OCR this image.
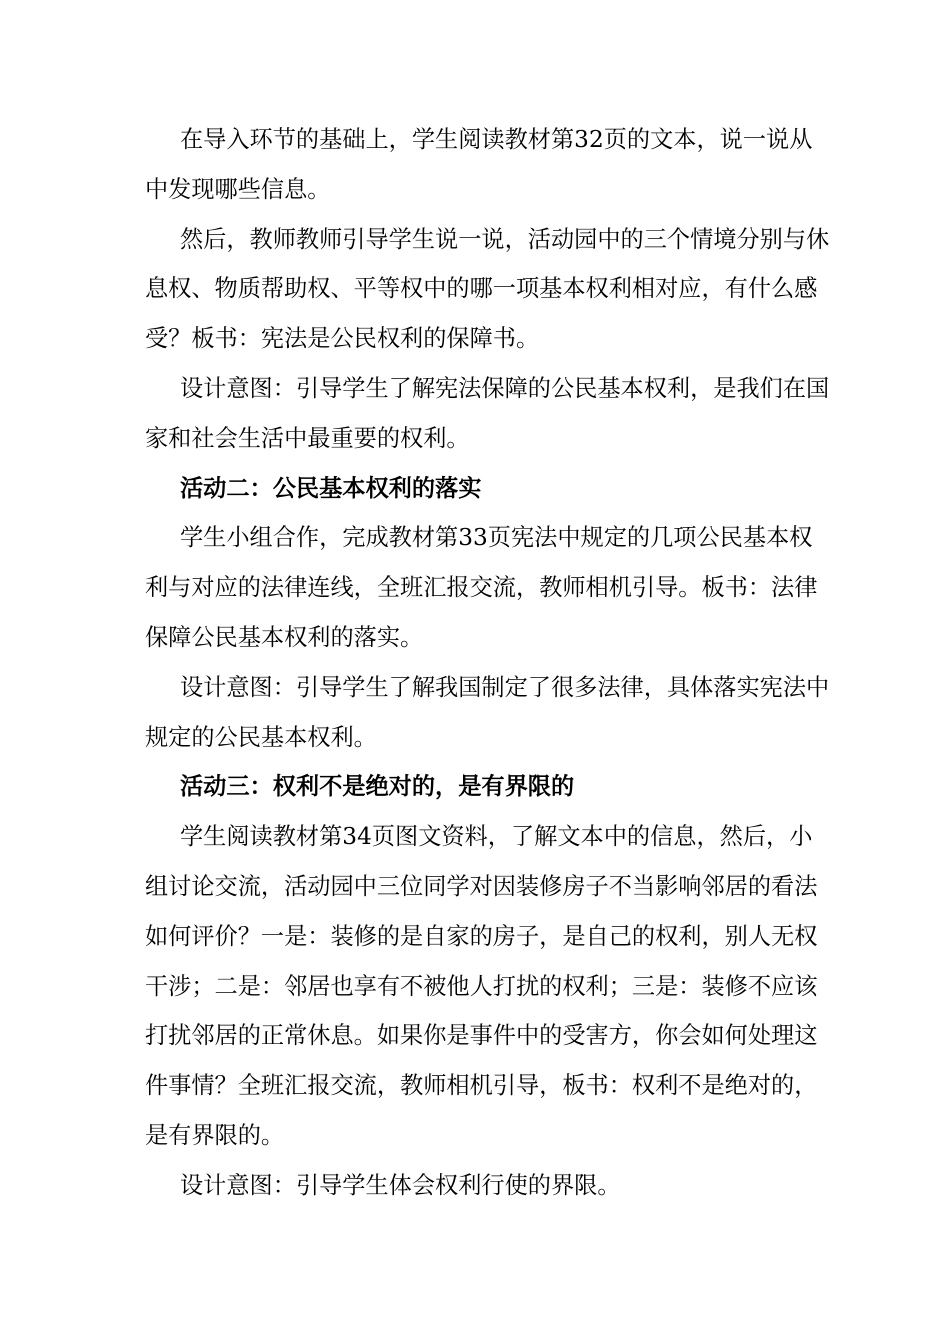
在导入环节的基础上，学生阅读教材第32页的文本，说一说从
中发现哪些信息。
然后，教师教师引导学生说一说，活动园中的三个情境分别与休
息权、物质帮助权、平等权中的哪一项基本权利相对应，有什么感
受？板书：宪法是公民权利的保障书。
设计意图：引导学生了解宪法保障的公民基本权利，是我们在国
家和社会生活中最重要的权利。
活动二：公民基本权利的落实
学生小组合作，完成教材第33页宪法中规定的几项公民基本权
利与对应的法律连线，全班汇报交流，教师相机引导。板书：法律
保障公民基本权利的落实。
设计意图：引导学生了解我国制定了很多法律，具体落实宪法中
规定的公民基本权利。
活动三：权利不是绝对的，是有界限的
学生阅读教材第34页图文资料，了解文本中的信息，然后，小
组讨论交流，活动园中三位同学对因装修房子不当影响邻居的看法
如何评价？一是：装修的是自家的房子，是自己的权利，别人无权
干涉；二是：邻居也享有不被他人打扰的权利；三是：装修不应该
打扰邻居的正常休息。如果你是事件中的受害方，你会如何处理这
件事情？全班汇报交流，教师相机引导，板书：权利不是绝对的，
是有界限的。
设计意图：引导学生体会权利行使的界限。
